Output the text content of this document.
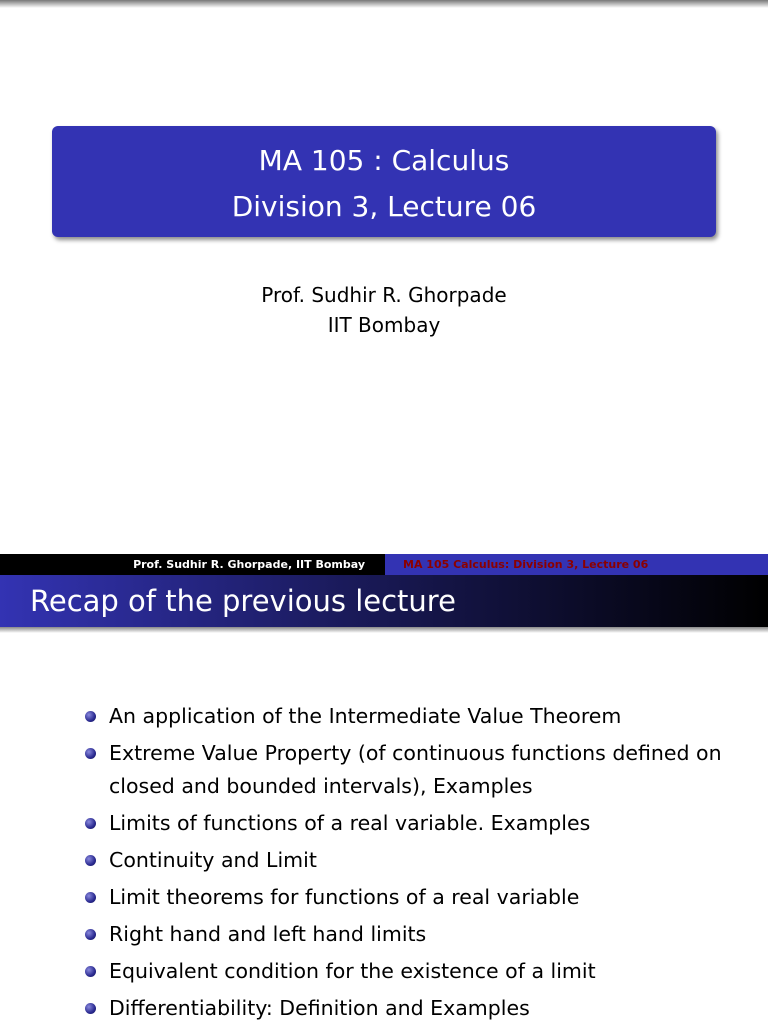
MA 105 : Calculus
Division 3, Lecture 06
Prof. Sudhir R. Ghorpade
IIT Bombay
Prof. Sudhir R. Ghorpade, IIT Bombay	MA 105 Calculus: Division 3, Lecture 06
Recap of the previous lecture
An application of the Intermediate Value Theorem
Extreme Value Property (of continuous functions defined on closed and bounded intervals), Examples
Limits of functions of a real variable. Examples
Continuity and Limit
Limit theorems for functions of a real variable
Right hand and left hand limits
Equivalent condition for the existence of a limit
Differentiability: Definition and Examples
